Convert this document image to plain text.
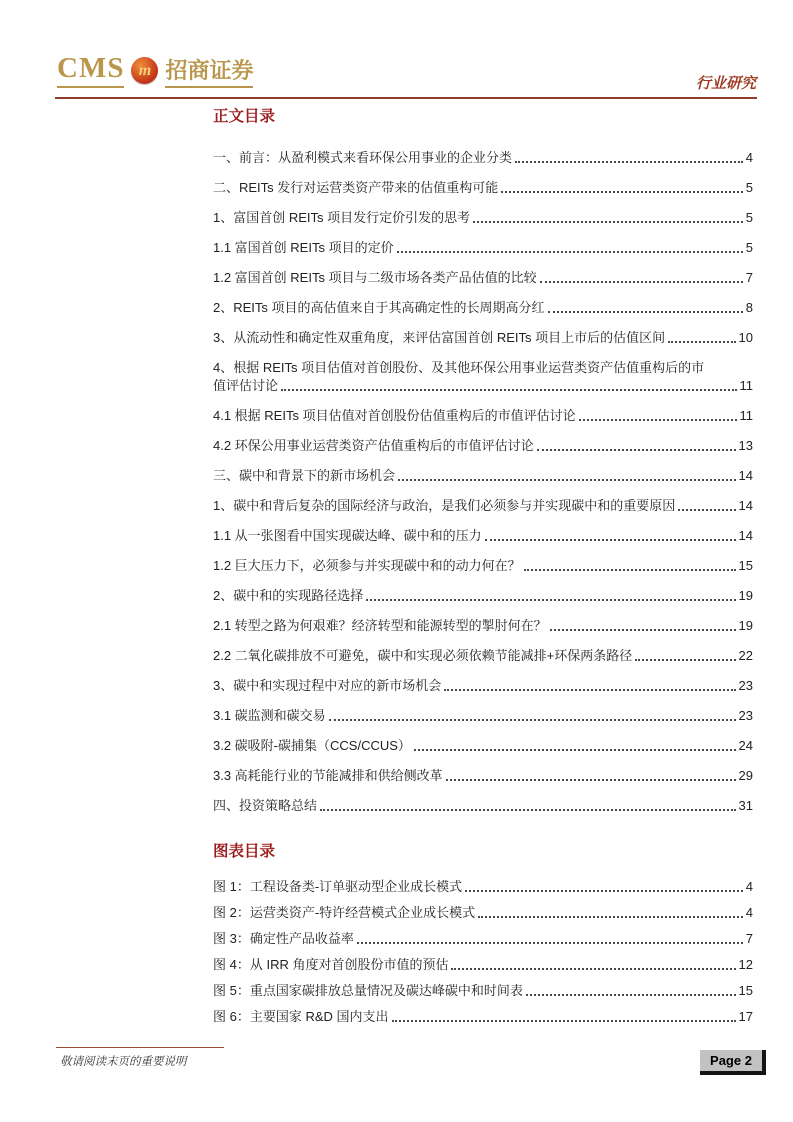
CMS m 招商证券
行业研究
正文目录
一、前言：从盈利模式来看环保公用事业的企业分类	4
二、REITs 发行对运营类资产带来的估值重构可能	5
1、富国首创 REITs 项目发行定价引发的思考	5
1.1 富国首创 REITs 项目的定价	5
1.2 富国首创 REITs 项目与二级市场各类产品估值的比较	7
2、REITs 项目的高估值来自于其高确定性的长周期高分红	8
3、从流动性和确定性双重角度，来评估富国首创 REITs 项目上市后的估值区间	10
4、根据 REITs 项目估值对首创股份、及其他环保公用事业运营类资产估值重构后的市
值评估讨论	11
4.1 根据 REITs 项目估值对首创股份估值重构后的市值评估讨论	11
4.2 环保公用事业运营类资产估值重构后的市值评估讨论	13
三、碳中和背景下的新市场机会	14
1、碳中和背后复杂的国际经济与政治，是我们必须参与并实现碳中和的重要原因	14
1.1 从一张图看中国实现碳达峰、碳中和的压力	14
1.2 巨大压力下，必须参与并实现碳中和的动力何在？	15
2、碳中和的实现路径选择	19
2.1 转型之路为何艰难？经济转型和能源转型的掣肘何在？	19
2.2 二氧化碳排放不可避免，碳中和实现必须依赖节能减排+环保两条路径	22
3、碳中和实现过程中对应的新市场机会	23
3.1 碳监测和碳交易	23
3.2 碳吸附-碳捕集（CCS/CCUS）	24
3.3 高耗能行业的节能减排和供给侧改革	29
四、投资策略总结	31
图表目录
图 1：工程设备类-订单驱动型企业成长模式	4
图 2：运营类资产-特许经营模式企业成长模式	4
图 3：确定性产品收益率	7
图 4：从 IRR 角度对首创股份市值的预估	12
图 5：重点国家碳排放总量情况及碳达峰碳中和时间表	15
图 6：主要国家 R&D 国内支出	17
敬请阅读末页的重要说明	Page 2
